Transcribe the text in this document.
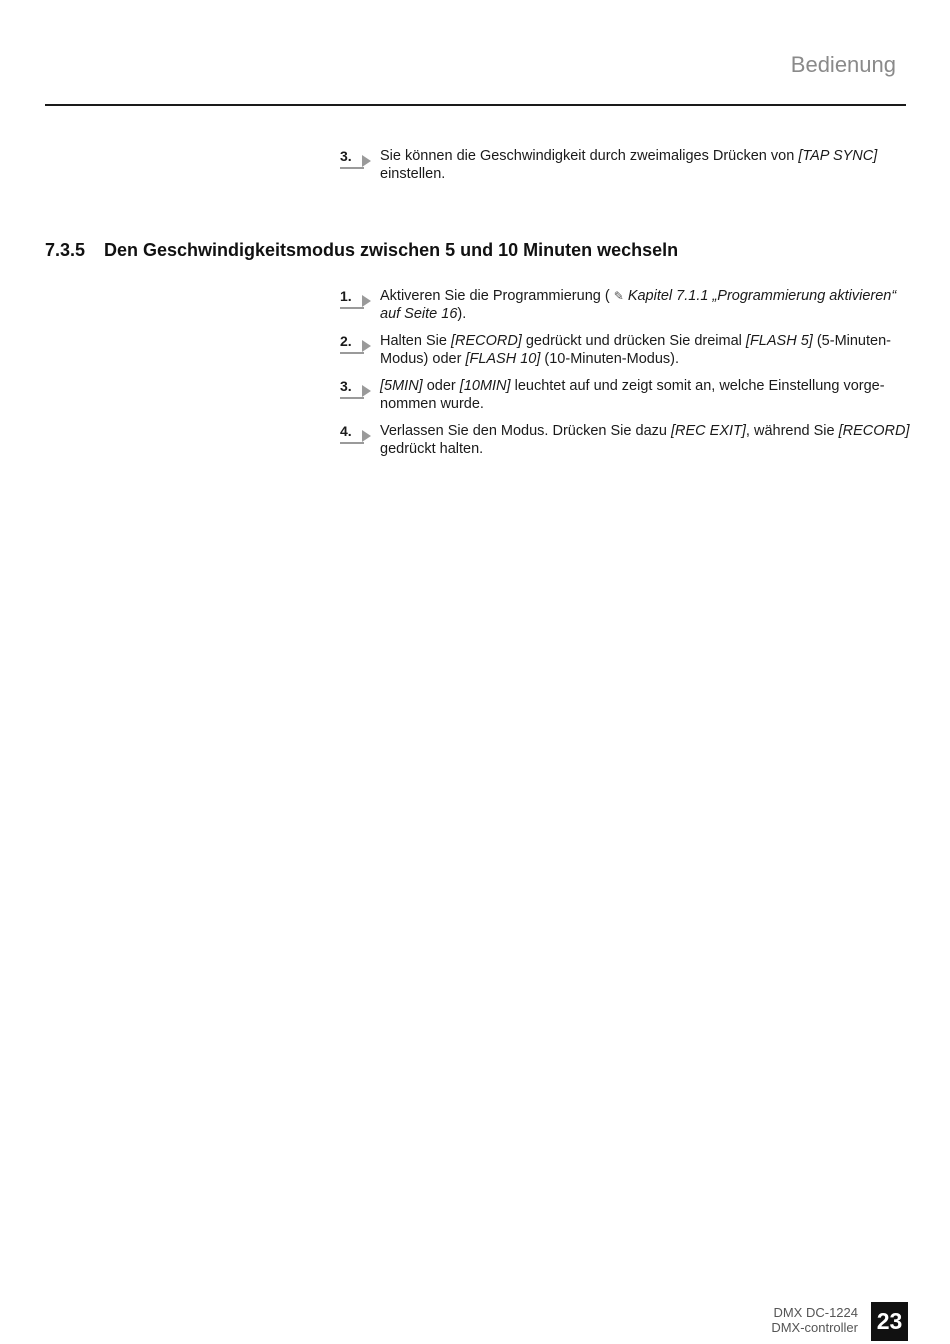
Bedienung
3. Sie können die Geschwindigkeit durch zweimaliges Drücken von [TAP SYNC]
einstellen.
7.3.5 Den Geschwindigkeitsmodus zwischen 5 und 10 Minuten wechseln
1. Aktiveren Sie die Programmierung ( ✎ Kapitel 7.1.1 „Programmierung aktivieren“ auf Seite 16).
2. Halten Sie [RECORD] gedrückt und drücken Sie dreimal [FLASH 5] (5-Minuten-Modus) oder [FLASH 10] (10-Minuten-Modus).
3. [5MIN] oder [10MIN] leuchtet auf und zeigt somit an, welche Einstellung vorgenommen wurde.
4. Verlassen Sie den Modus. Drücken Sie dazu [REC EXIT], während Sie [RECORD]
gedrückt halten.
DMX DC-1224
DMX-controller 23
